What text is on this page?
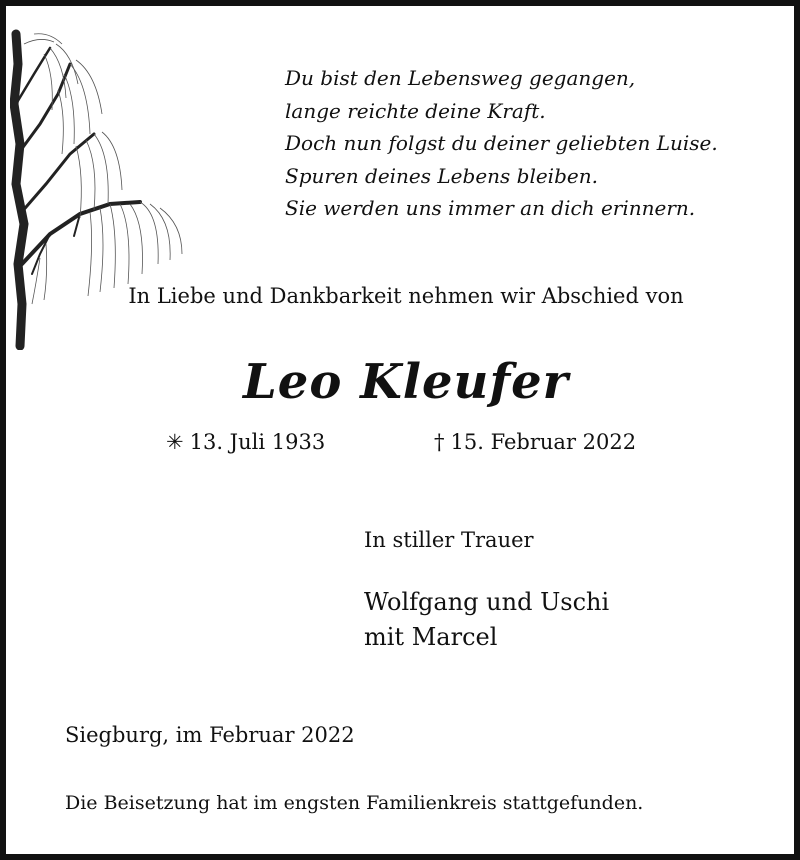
Du bist den Lebensweg gegangen,
lange reichte deine Kraft.
Doch nun folgst du deiner geliebten Luise.
Spuren deines Lebens bleiben.
Sie werden uns immer an dich erinnern.
In Liebe und Dankbarkeit nehmen wir Abschied von
Leo Kleufer
✳ 13. Juli 1933	† 15. Februar 2022
In stiller Trauer
Wolfgang und Uschi
mit Marcel
Siegburg, im Februar 2022
Die Beisetzung hat im engsten Familienkreis stattgefunden.
